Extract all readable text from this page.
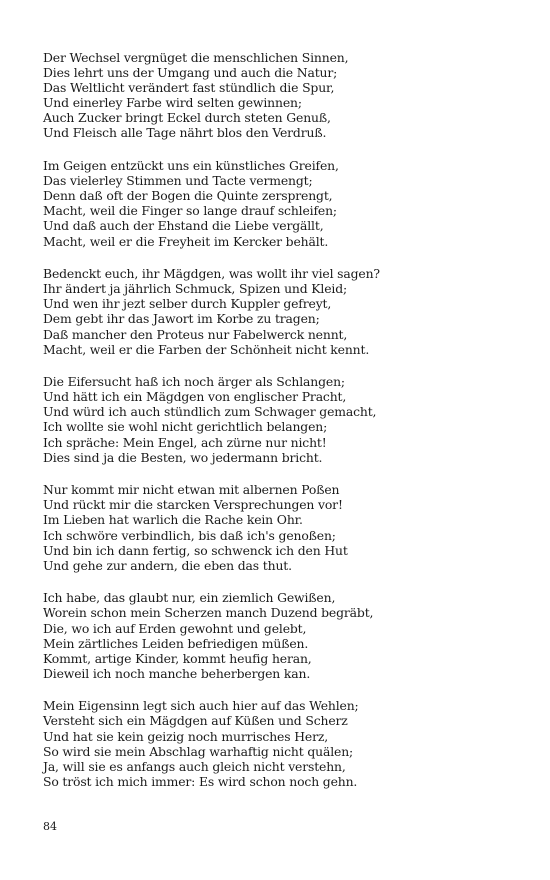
Der Wechsel vergnüget die menschlichen Sinnen,
Dies lehrt uns der Umgang und auch die Natur;
Das Weltlicht verändert fast stündlich die Spur,
Und einerley Farbe wird selten gewinnen;
Auch Zucker bringt Eckel durch steten Genuß,
Und Fleisch alle Tage nährt blos den Verdruß.
Im Geigen entzückt uns ein künstliches Greifen,
Das vielerley Stimmen und Tacte vermengt;
Denn daß oft der Bogen die Quinte zersprengt,
Macht, weil die Finger so lange drauf schleifen;
Und daß auch der Ehstand die Liebe vergällt,
Macht, weil er die Freyheit im Kercker behält.
Bedenckt euch, ihr Mägdgen, was wollt ihr viel sagen?
Ihr ändert ja jährlich Schmuck, Spizen und Kleid;
Und wen ihr jezt selber durch Kuppler gefreyt,
Dem gebt ihr das Jawort im Korbe zu tragen;
Daß mancher den Proteus nur Fabelwerck nennt,
Macht, weil er die Farben der Schönheit nicht kennt.
Die Eifersucht haß ich noch ärger als Schlangen;
Und hätt ich ein Mägdgen von englischer Pracht,
Und würd ich auch stündlich zum Schwager gemacht,
Ich wollte sie wohl nicht gerichtlich belangen;
Ich spräche: Mein Engel, ach zürne nur nicht!
Dies sind ja die Besten, wo jedermann bricht.
Nur kommt mir nicht etwan mit albernen Poßen
Und rückt mir die starcken Versprechungen vor!
Im Lieben hat warlich die Rache kein Ohr.
Ich schwöre verbindlich, bis daß ich's genoßen;
Und bin ich dann fertig, so schwenck ich den Hut
Und gehe zur andern, die eben das thut.
Ich habe, das glaubt nur, ein ziemlich Gewißen,
Worein schon mein Scherzen manch Duzend begräbt,
Die, wo ich auf Erden gewohnt und gelebt,
Mein zärtliches Leiden befriedigen müßen.
Kommt, artige Kinder, kommt heufig heran,
Dieweil ich noch manche beherbergen kan.
Mein Eigensinn legt sich auch hier auf das Wehlen;
Versteht sich ein Mägdgen auf Küßen und Scherz
Und hat sie kein geizig noch murrisches Herz,
So wird sie mein Abschlag warhaftig nicht quälen;
Ja, will sie es anfangs auch gleich nicht verstehn,
So tröst ich mich immer: Es wird schon noch gehn.
84
